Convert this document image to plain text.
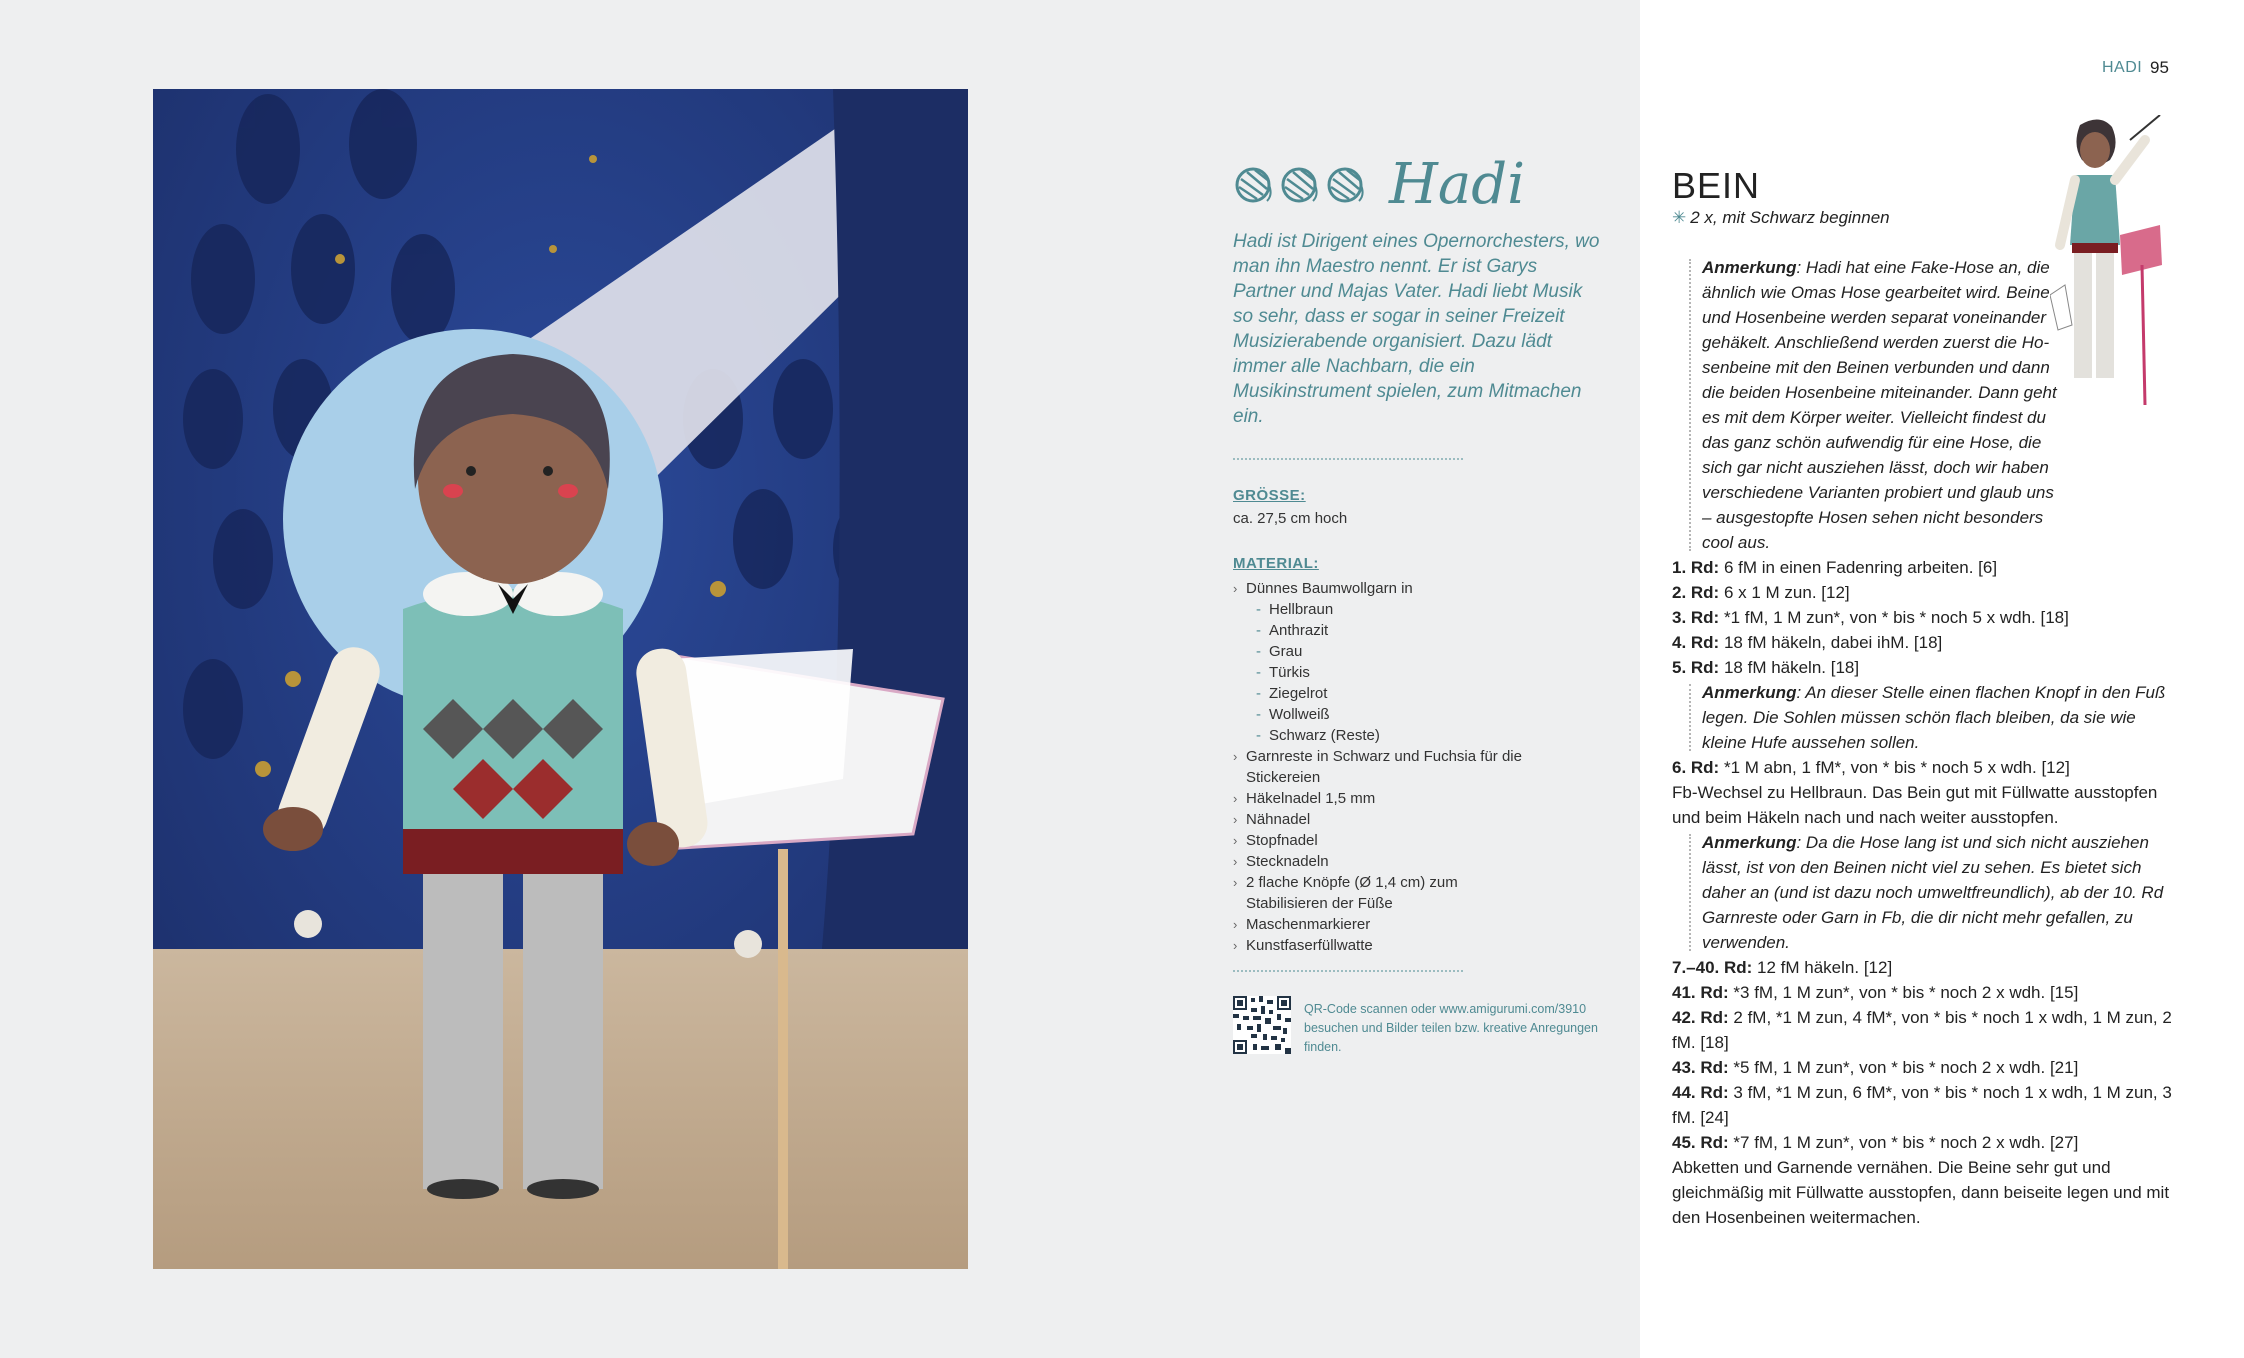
Hadi

Hadi ist Dirigent eines Opernorchesters, wo man ihn Maestro nennt. Er ist Garys Partner und Majas Vater. Hadi liebt Musik so sehr, dass er sogar in seiner Freizeit Musizierabende organisiert. Dazu lädt immer alle Nachbarn, die ein Musikinstrument spielen, zum Mitmachen ein.

GRÖSSE:
ca. 27,5 cm hoch
MATERIAL:
› Dünnes Baumwollgarn in
- Hellbraun
- Anthrazit
- Grau
- Türkis
- Ziegelrot
- Wollweiß
- Schwarz (Reste)
› Garnreste in Schwarz und Fuchsia für die Stickereien
› Häkelnadel 1,5 mm
› Nähnadel
› Stopfnadel
› Stecknadeln
› 2 flache Knöpfe (Ø 1,4 cm) zum Stabilisieren der Füße
› Maschenmarkierer
› Kunstfaserfüllwatte

QR-Code scannen oder www.amigurumi.com/3910 besuchen und Bilder teilen bzw. kreative Anregungen finden.

HADI 95
BEIN
✳ 2 x, mit Schwarz beginnen

Anmerkung: Hadi hat eine Fake-Hose an, die ähnlich wie Omas Hose gearbeitet wird. Beine und Hosenbeine werden separat voneinander gehäkelt. Anschließend werden zuerst die Hosenbeine mit den Beinen verbunden und dann die beiden Hosenbeine miteinander. Dann geht es mit dem Körper weiter. Vielleicht findest du das ganz schön aufwendig für eine Hose, die sich gar nicht ausziehen lässt, doch wir haben verschiedene Varianten probiert und glaub uns – ausgestopfte Hosen sehen nicht besonders cool aus.

1. Rd: 6 fM in einen Fadenring arbeiten. [6]

2. Rd: 6 x 1 M zun. [12]

3. Rd: *1 fM, 1 M zun*, von * bis * noch 5 x wdh. [18]

4. Rd: 18 fM häkeln, dabei ihM. [18]

5. Rd: 18 fM häkeln. [18]

Anmerkung: An dieser Stelle einen flachen Knopf in den Fuß legen. Die Sohlen müssen schön flach bleiben, da sie wie kleine Hufe aussehen sollen.

6. Rd: *1 M abn, 1 fM*, von * bis * noch 5 x wdh. [12]

Fb-Wechsel zu Hellbraun. Das Bein gut mit Füllwatte ausstopfen und beim Häkeln nach und nach weiter ausstopfen.

Anmerkung: Da die Hose lang ist und sich nicht ausziehen lässt, ist von den Beinen nicht viel zu sehen. Es bietet sich daher an (und ist dazu noch umweltfreundlich), ab der 10. Rd Garnreste oder Garn in Fb, die dir nicht mehr gefallen, zu verwenden.

7.–40. Rd: 12 fM häkeln. [12]

41. Rd: *3 fM, 1 M zun*, von * bis * noch 2 x wdh. [15]

42. Rd: 2 fM, *1 M zun, 4 fM*, von * bis * noch 1 x wdh, 1 M zun, 2 fM. [18]

43. Rd: *5 fM, 1 M zun*, von * bis * noch 2 x wdh. [21]

44. Rd: 3 fM, *1 M zun, 6 fM*, von * bis * noch 1 x wdh, 1 M zun, 3 fM. [24]

45. Rd: *7 fM, 1 M zun*, von * bis * noch 2 x wdh. [27]

Abketten und Garnende vernähen. Die Beine sehr gut und gleichmäßig mit Füllwatte ausstopfen, dann beiseite legen und mit den Hosenbeinen weitermachen.
